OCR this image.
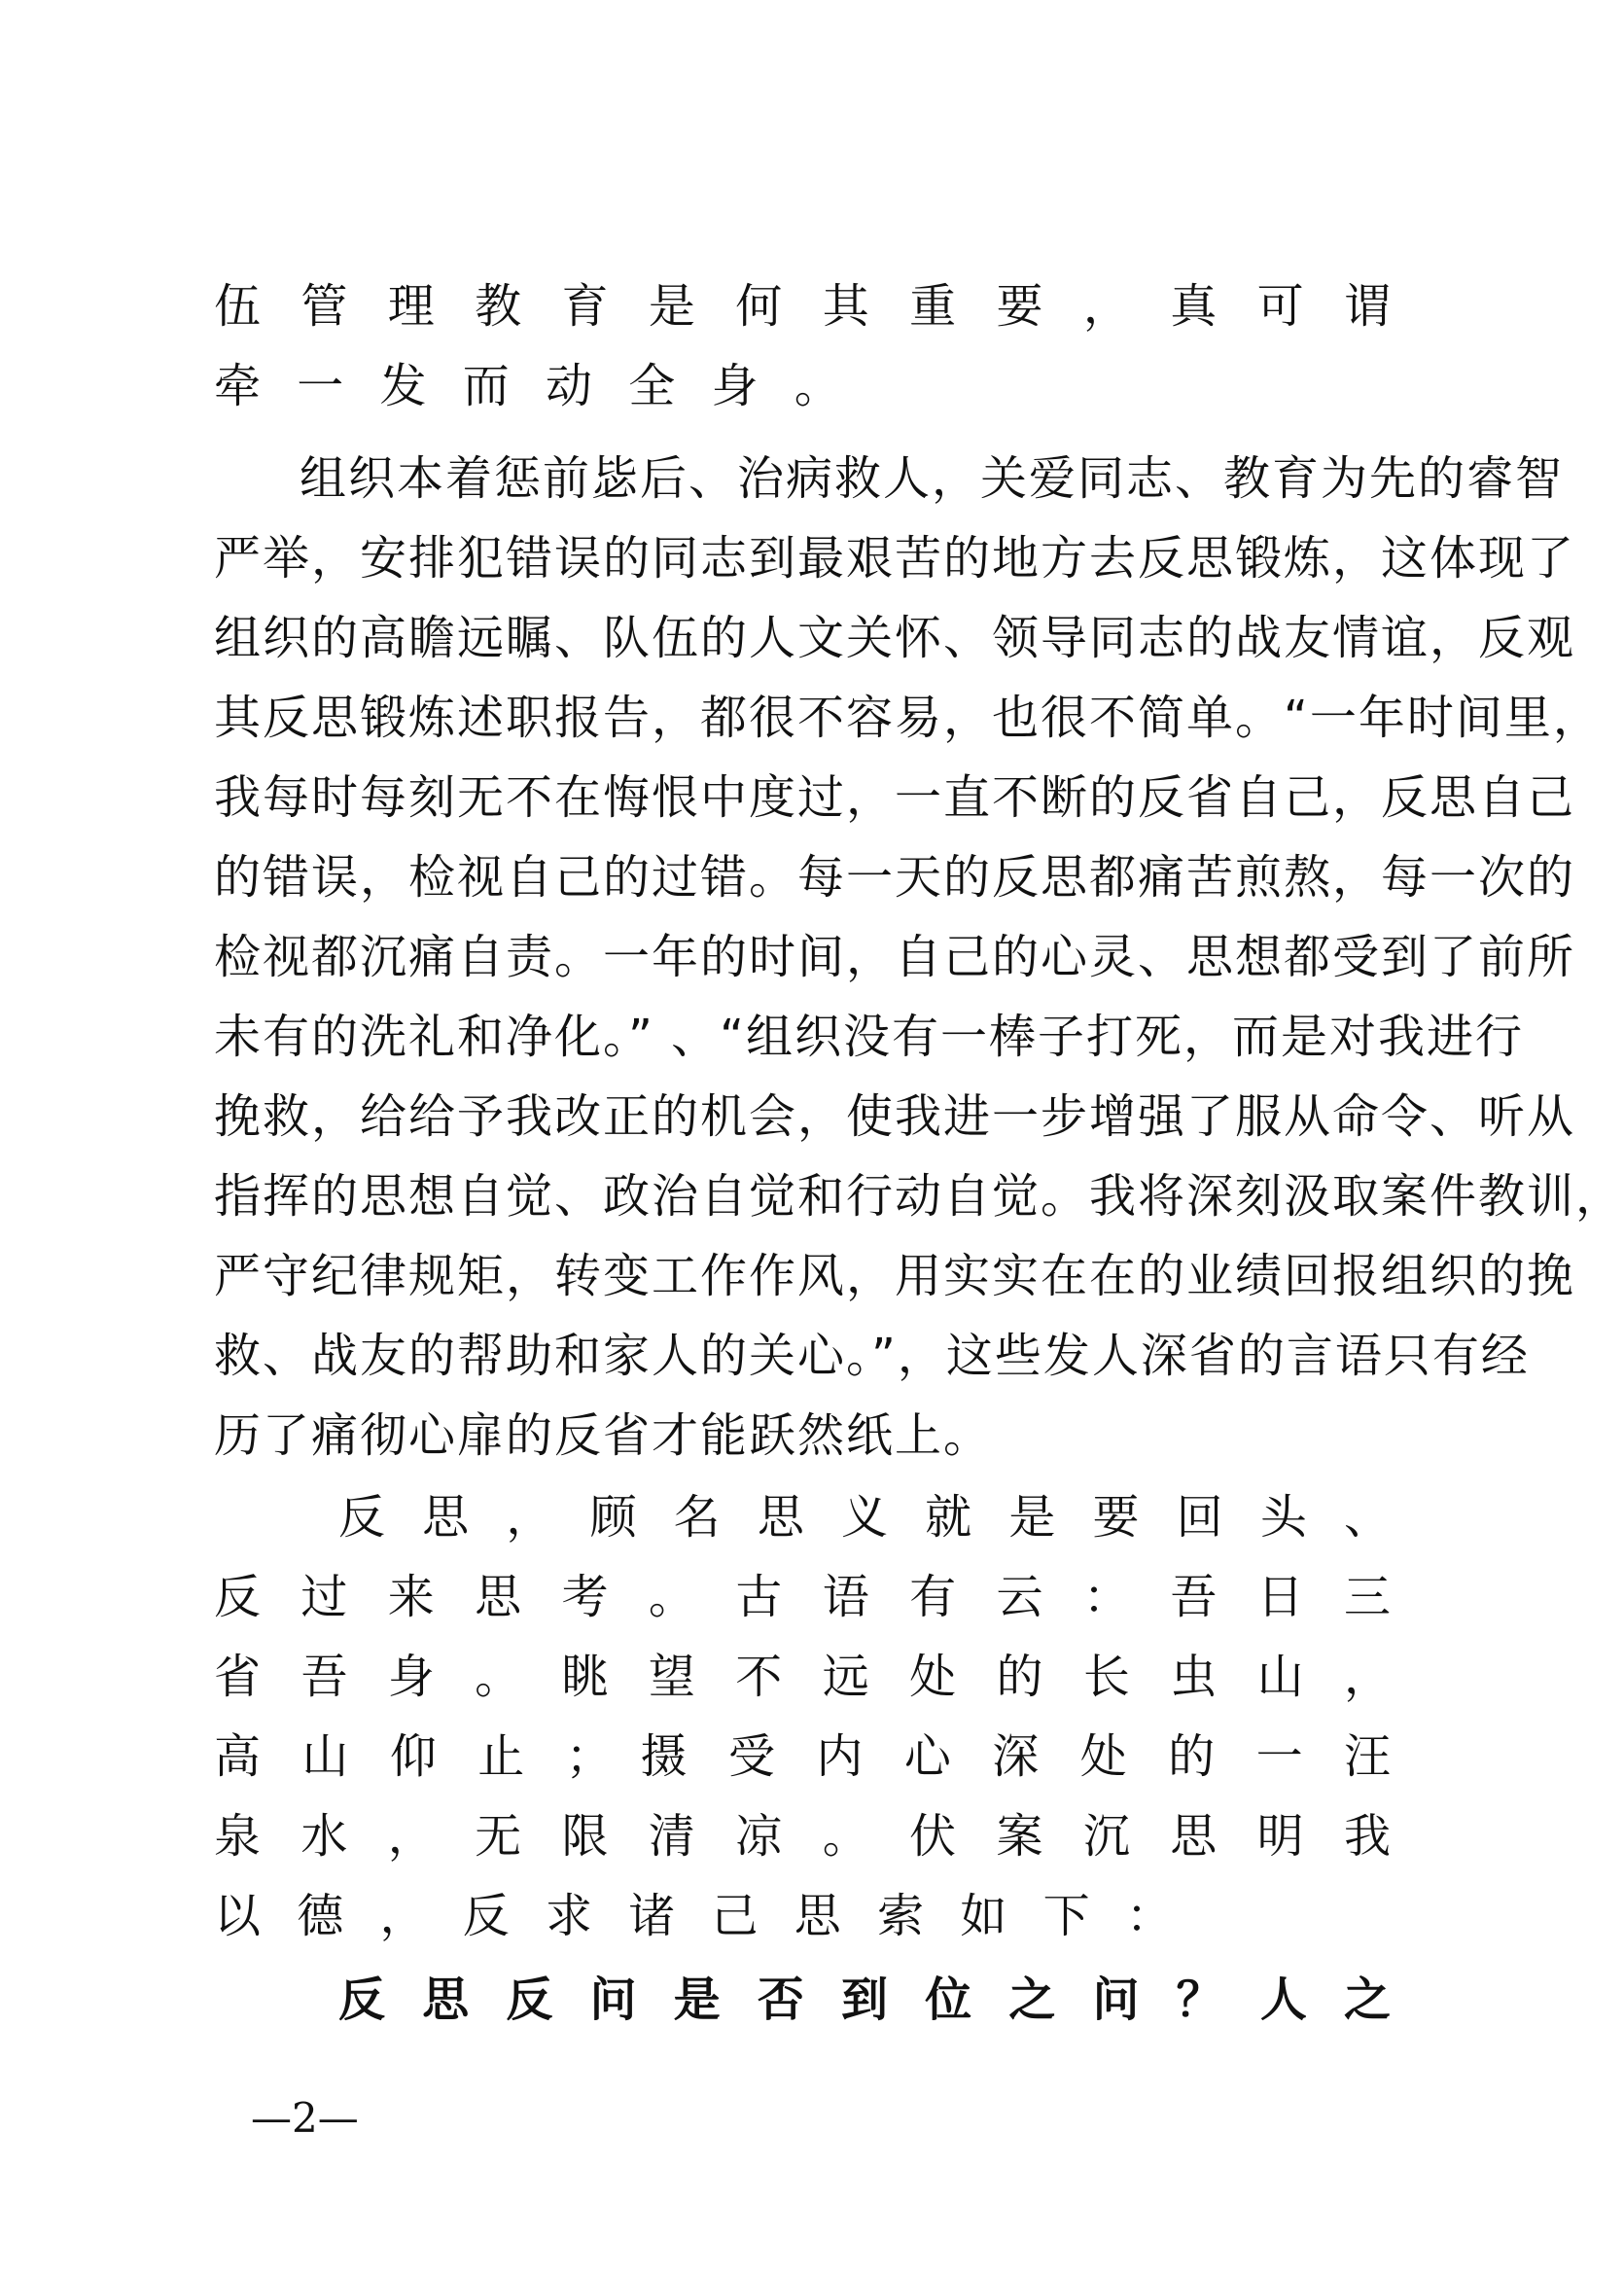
伍 管 理 教 育 是 何 其 重 要 ， 真 可 谓
牵 一 发 而 动 全 身 。
组织本着惩前毖后、治病救人，关爱同志、教育为先的睿智
严举，安排犯错误的同志到最艰苦的地方去反思锻炼，这体现了
组织的高瞻远瞩、队伍的人文关怀、领导同志的战友情谊，反观
其反思锻炼述职报告，都很不容易，也很不简单。“一年时间里，
我每时每刻无不在悔恨中度过，一直不断的反省自己，反思自己
的错误，检视自己的过错。每一天的反思都痛苦煎熬，每一次的
检视都沉痛自责。一年的时间，自己的心灵、思想都受到了前所
未有的洗礼和净化。” 、“组织没有一棒子打死，而是对我进行
挽救，给给予我改正的机会，使我进一步增强了服从命令、听从
指挥的思想自觉、政治自觉和行动自觉。我将深刻汲取案件教训，
严守纪律规矩，转变工作作风，用实实在在的业绩回报组织的挽
救、战友的帮助和家人的关心。”，这些发人深省的言语只有经
历了痛彻心扉的反省才能跃然纸上。
反 思 ， 顾 名 思 义 就 是 要 回 头 、
反 过 来 思 考 。 古 语 有 云 ： 吾 日 三
省 吾 身 。 眺 望 不 远 处 的 长 虫 山 ，
高 山 仰 止 ； 摄 受 内 心 深 处 的 一 汪
泉 水 ， 无 限 清 凉 。 伏 案 沉 思 明 我
以 德 ， 反 求 诸 己 思 索 如 下 ：
反 思 反 问 是 否 到 位 之 问 ？ 人 之
—2—
